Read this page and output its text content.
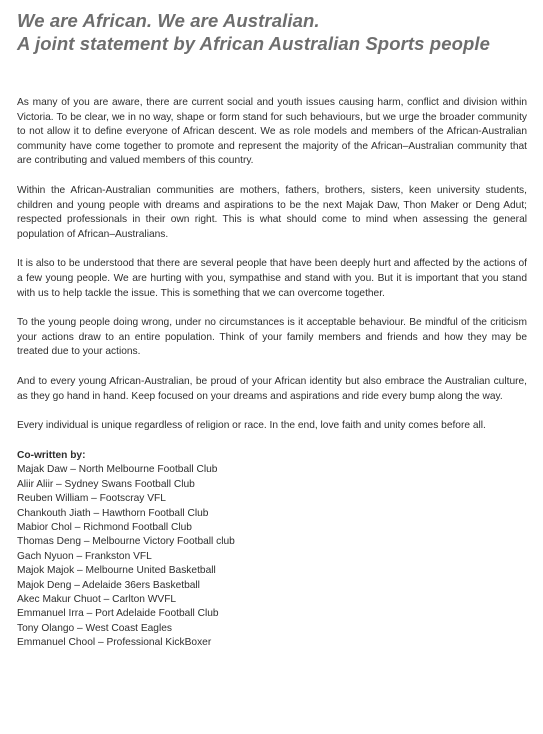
We are African. We are Australian.
A joint statement by African Australian Sports people

As many of you are aware, there are current social and youth issues causing harm, conflict and division within Victoria. To be clear, we in no way, shape or form stand for such behaviours, but we urge the broader community to not allow it to define everyone of African descent. We as role models and members of the African-Australian community have come together to promote and represent the majority of the African–Australian community that are contributing and valued members of this country.

Within the African-Australian communities are mothers, fathers, brothers, sisters, keen university students, children and young people with dreams and aspirations to be the next Majak Daw, Thon Maker or Deng Adut; respected professionals in their own right. This is what should come to mind when assessing the general population of African–Australians.

It is also to be understood that there are several people that have been deeply hurt and affected by the actions of a few young people. We are hurting with you, sympathise and stand with you. But it is important that you stand with us to help tackle the issue. This is something that we can overcome together.

To the young people doing wrong, under no circumstances is it acceptable behaviour. Be mindful of the criticism your actions draw to an entire population. Think of your family members and friends and how they may be treated due to your actions.

And to every young African-Australian, be proud of your African identity but also embrace the Australian culture, as they go hand in hand. Keep focused on your dreams and aspirations and ride every bump along the way.

Every individual is unique regardless of religion or race. In the end, love faith and unity comes before all.

Co-written by:

Majak Daw – North Melbourne Football Club
Aliir Aliir – Sydney Swans Football Club
Reuben William – Footscray VFL
Chankouth Jiath – Hawthorn Football Club
Mabior Chol – Richmond Football Club
Thomas Deng – Melbourne Victory Football club
Gach Nyuon – Frankston VFL
Majok Majok – Melbourne United Basketball
Majok Deng – Adelaide 36ers Basketball
Akec Makur Chuot – Carlton WVFL
Emmanuel Irra – Port Adelaide Football Club
Tony Olango – West Coast Eagles
Emmanuel Chool – Professional KickBoxer
